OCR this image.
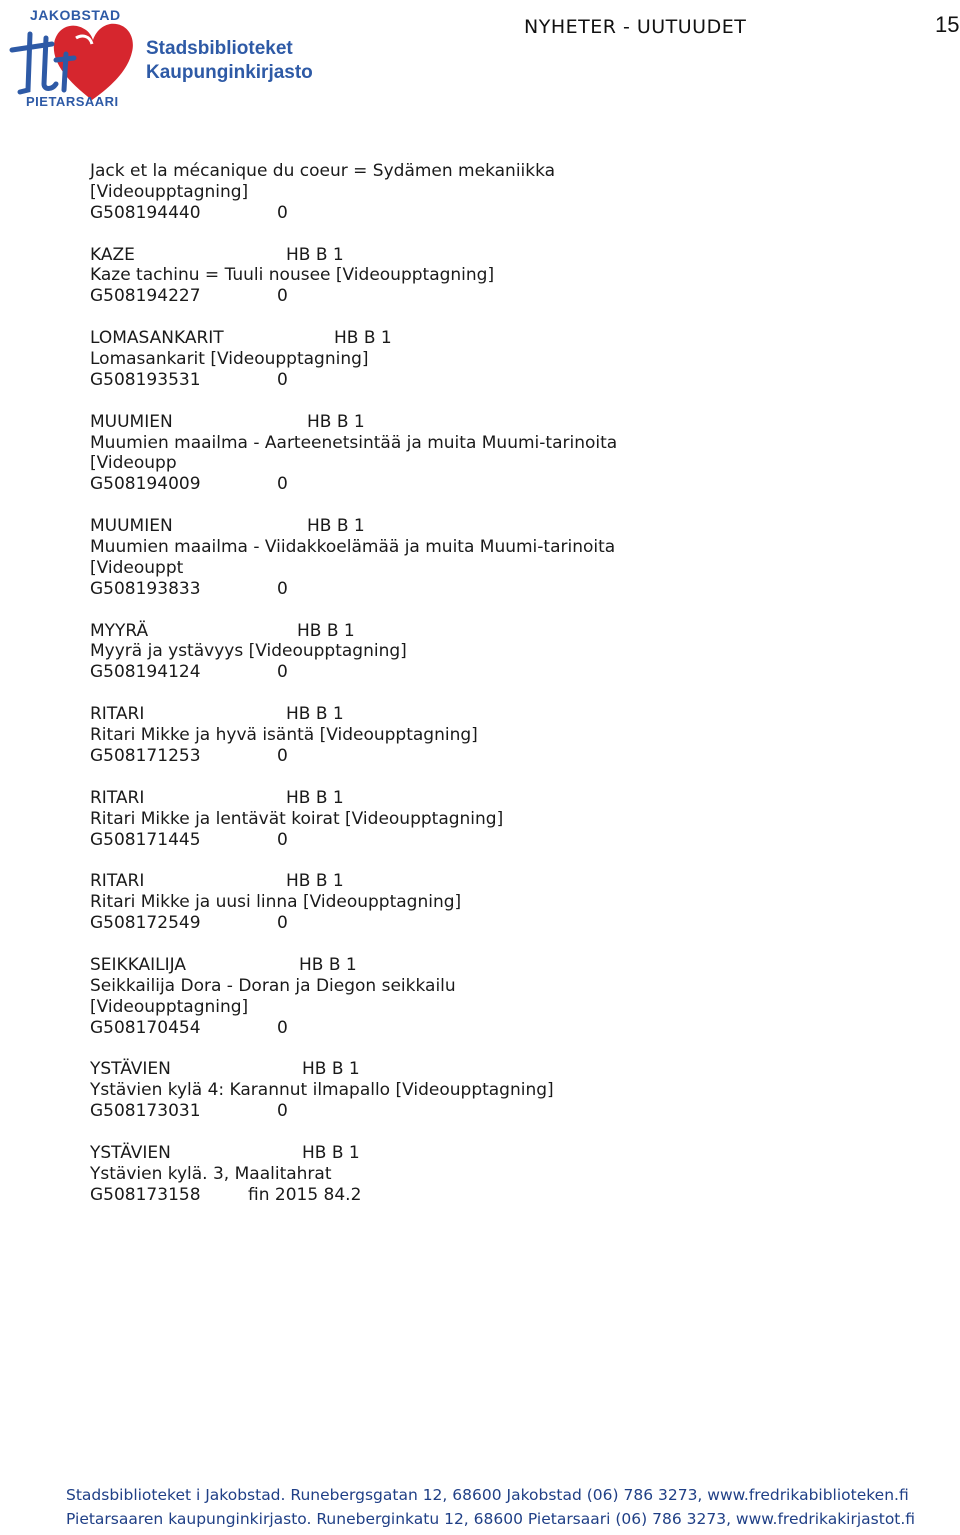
JAKOBSTAD
PIETARSAARI
Stadsbiblioteket
Kaupunginkirjasto
NYHETER - UUTUUDET	15
Jack et la mécanique du coeur = Sydämen mekaniikka
[Videoupptagning]
G508194440	0
KAZE	HB B 1
Kaze tachinu = Tuuli nousee [Videoupptagning]
G508194227	0
LOMASANKARIT	HB B 1
Lomasankarit [Videoupptagning]
G508193531	0
MUUMIEN	HB B 1
Muumien maailma - Aarteenetsintää ja muita Muumi-tarinoita
[Videoupp
G508194009	0
MUUMIEN	HB B 1
Muumien maailma - Viidakkoelämää ja muita Muumi-tarinoita
[Videouppt
G508193833	0
MYYRÄ	HB B 1
Myyrä ja ystävyys [Videoupptagning]
G508194124	0
RITARI	HB B 1
Ritari Mikke ja hyvä isäntä [Videoupptagning]
G508171253	0
RITARI	HB B 1
Ritari Mikke ja lentävät koirat [Videoupptagning]
G508171445	0
RITARI	HB B 1
Ritari Mikke ja uusi linna [Videoupptagning]
G508172549	0
SEIKKAILIJA	HB B 1
Seikkailija Dora - Doran ja Diegon seikkailu
[Videoupptagning]
G508170454	0
YSTÄVIEN	HB B 1
Ystävien kylä 4: Karannut ilmapallo [Videoupptagning]
G508173031	0
YSTÄVIEN	HB B 1
Ystävien kylä. 3, Maalitahrat
G508173158	fin 2015 84.2
Stadsbiblioteket i Jakobstad. Runebergsgatan 12, 68600 Jakobstad (06) 786 3273, www.fredrikabiblioteken.fi
Pietarsaaren kaupunginkirjasto. Runeberginkatu 12, 68600 Pietarsaari (06) 786 3273, www.fredrikakirjastot.fi
